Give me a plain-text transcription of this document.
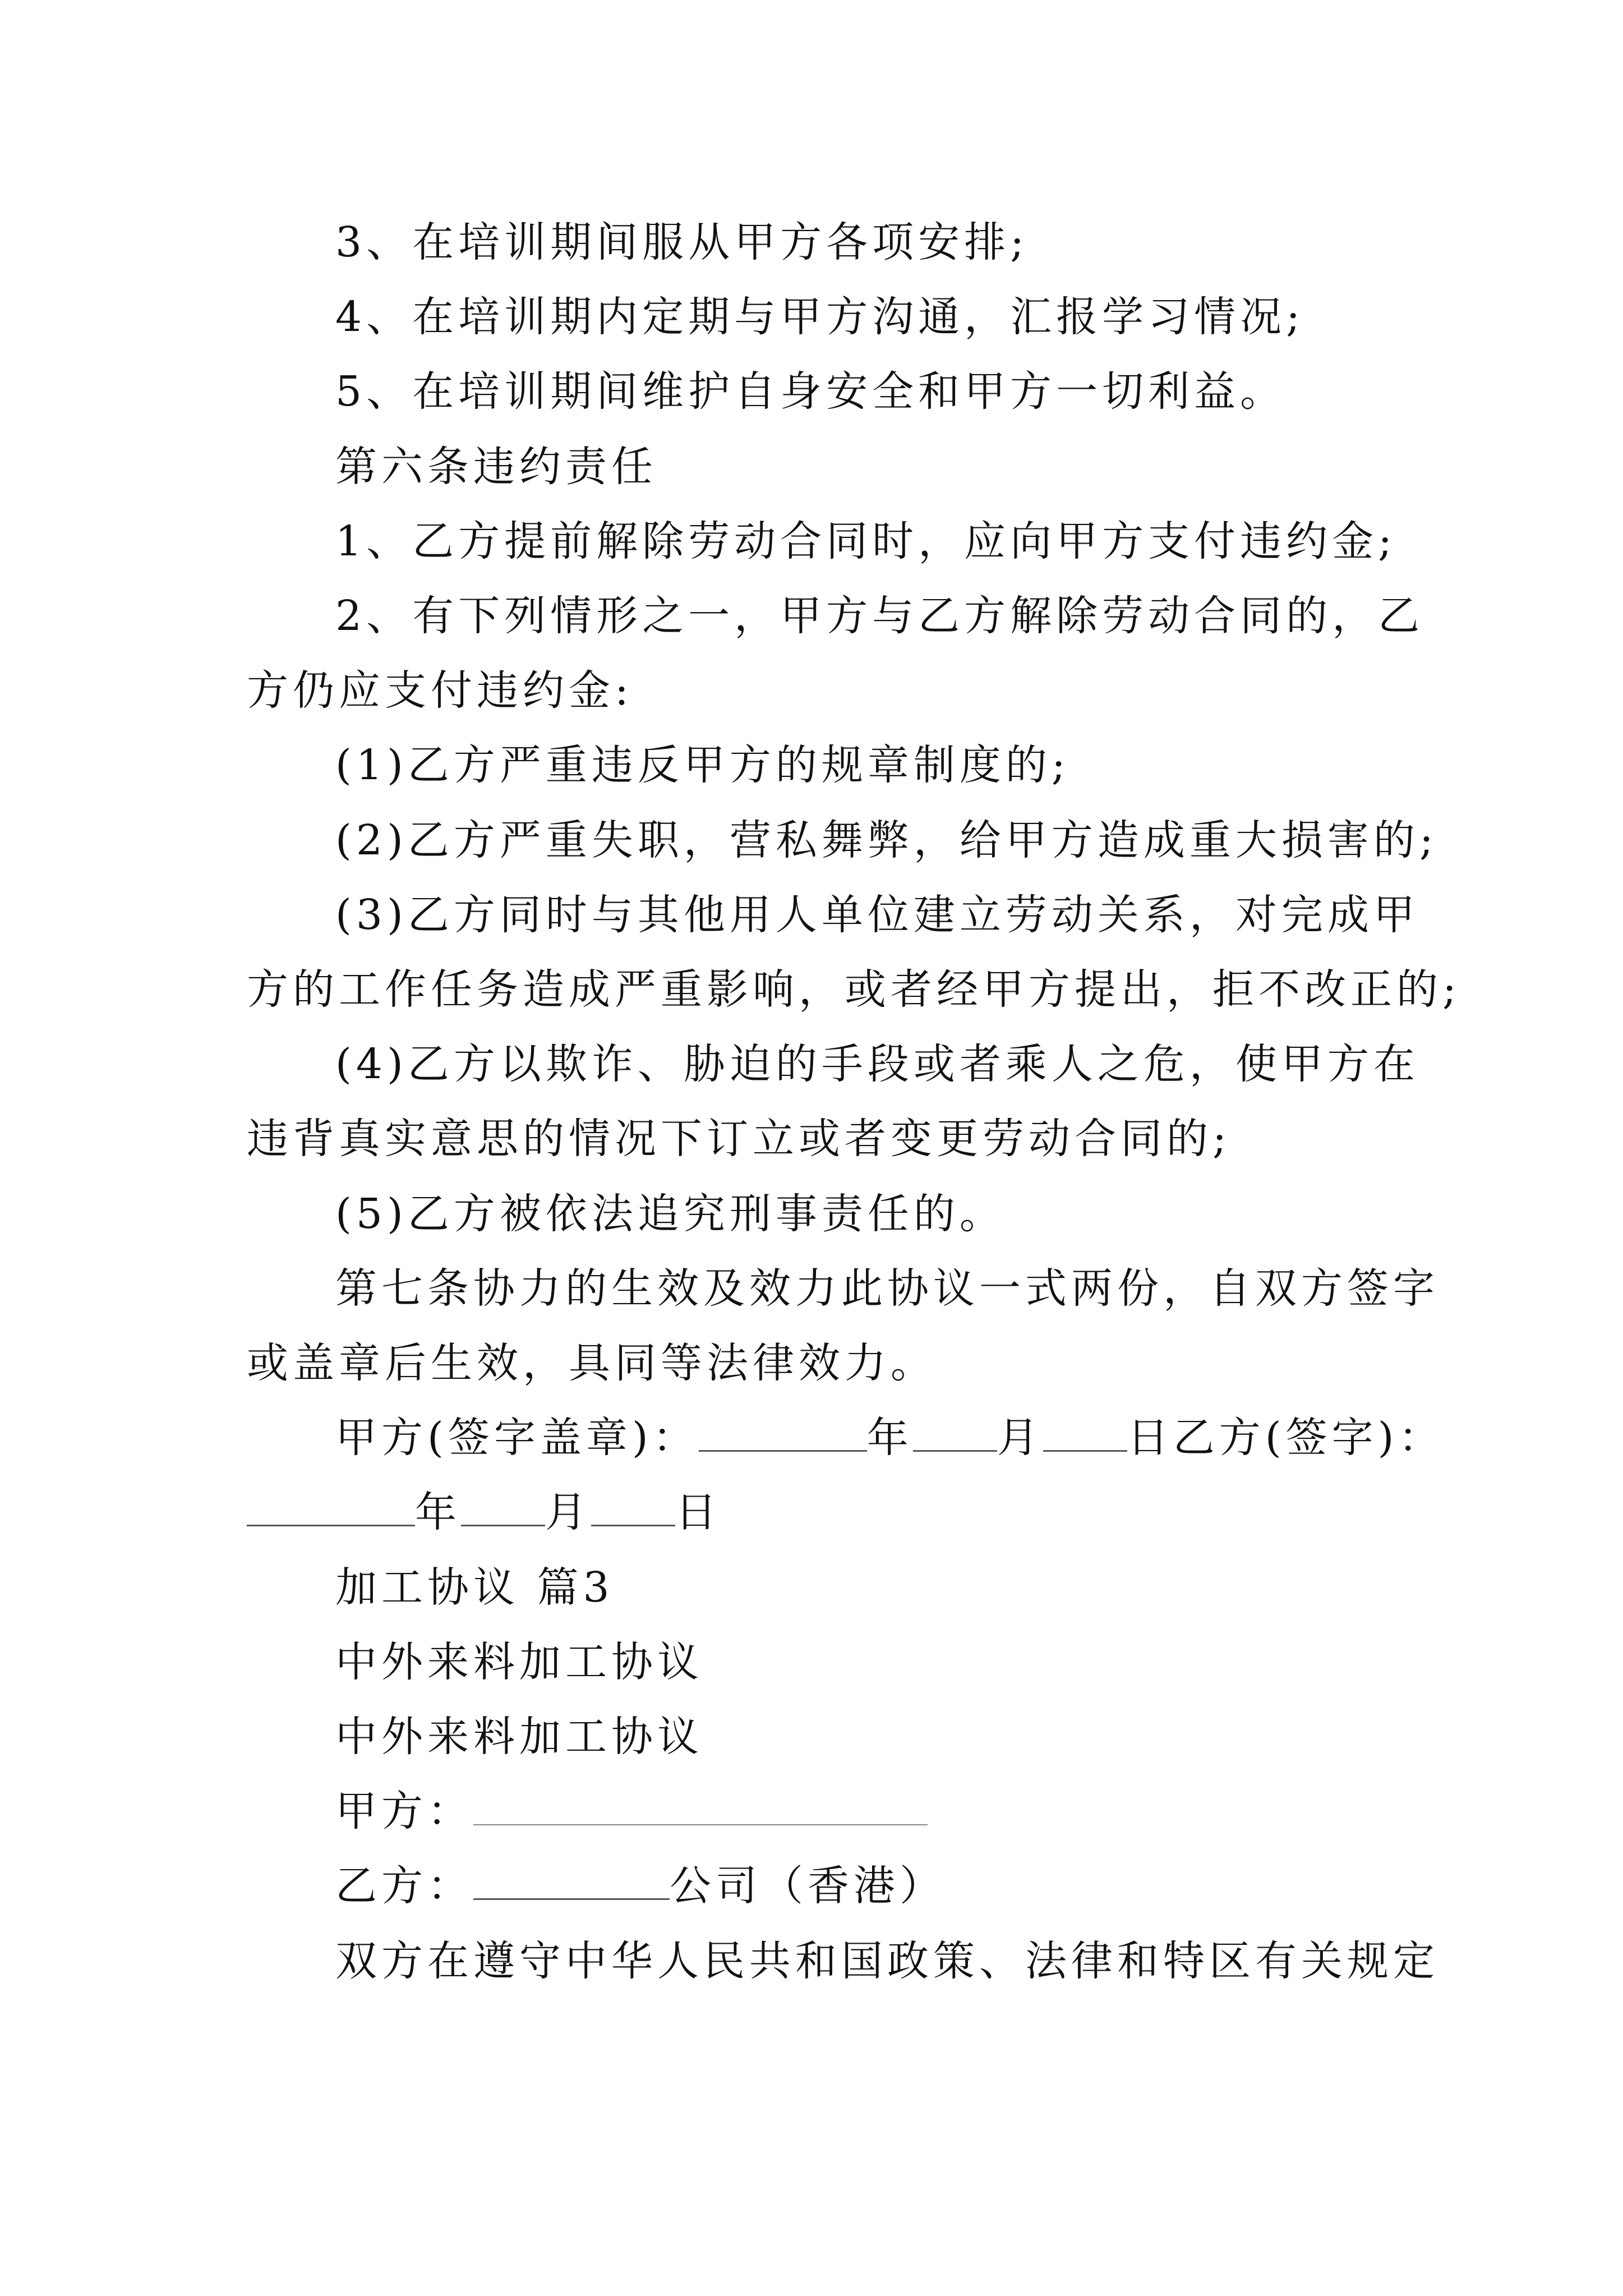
3、在培训期间服从甲方各项安排;
4、在培训期内定期与甲方沟通，汇报学习情况;
5、在培训期间维护自身安全和甲方一切利益。
第六条违约责任
1、乙方提前解除劳动合同时，应向甲方支付违约金;
2、有下列情形之一，甲方与乙方解除劳动合同的，乙
方仍应支付违约金:
(1)乙方严重违反甲方的规章制度的;
(2)乙方严重失职，营私舞弊，给甲方造成重大损害的;
(3)乙方同时与其他用人单位建立劳动关系，对完成甲
方的工作任务造成严重影响，或者经甲方提出，拒不改正的;
(4)乙方以欺诈、胁迫的手段或者乘人之危，使甲方在
违背真实意思的情况下订立或者变更劳动合同的;
(5)乙方被依法追究刑事责任的。
第七条协力的生效及效力此协议一式两份，自双方签字
或盖章后生效，具同等法律效力。
甲方(签字盖章)：	年 月 日乙方(签字)：
年 月 日
加工协议 篇3
中外来料加工协议
中外来料加工协议
甲方：
乙方：	公司（香港）
双方在遵守中华人民共和国政策、法律和特区有关规定
